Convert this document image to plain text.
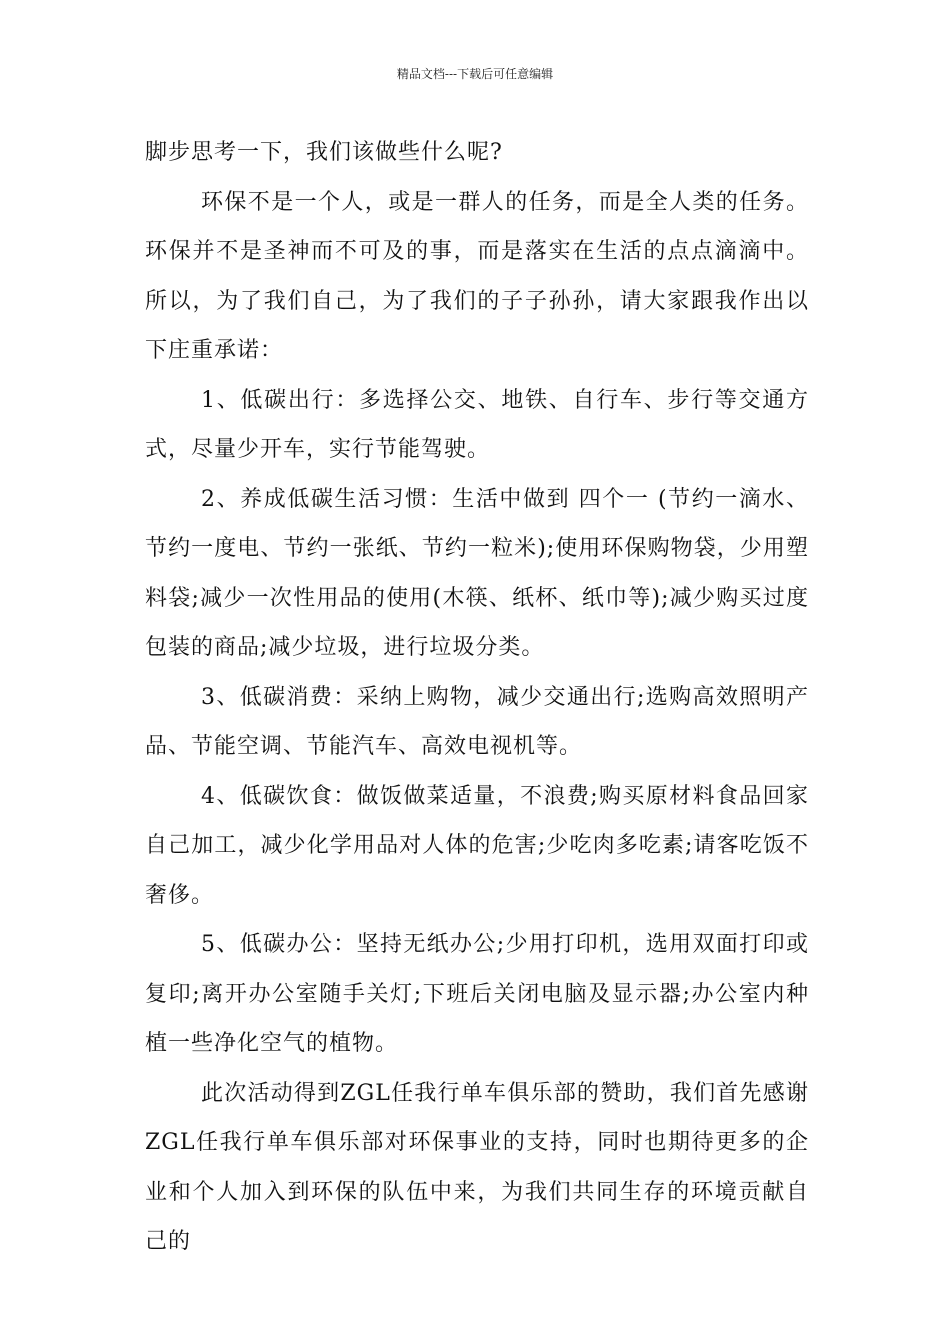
精品文档---下载后可任意编辑

脚步思考一下，我们该做些什么呢?

环保不是一个人，或是一群人的任务，而是全人类的任务。环保并不是圣神而不可及的事，而是落实在生活的点点滴滴中。 所以，为了我们自己，为了我们的子子孙孙，请大家跟我作出以下庄重承诺：

1、低碳出行：多选择公交、地铁、自行车、步行等交通方式，尽量少开车，实行节能驾驶。

2、养成低碳生活习惯：生活中做到 四个一 (节约一滴水、节约一度电、节约一张纸、节约一粒米);使用环保购物袋，少用塑料袋;减少一次性用品的使用(木筷、纸杯、纸巾等);减少购买过度包装的商品;减少垃圾，进行垃圾分类。

3、低碳消费：采纳上购物，减少交通出行;选购高效照明产品、节能空调、节能汽车、高效电视机等。

4、低碳饮食：做饭做菜适量，不浪费;购买原材料食品回家自己加工，减少化学用品对人体的危害;少吃肉多吃素;请客吃饭不奢侈。

5、低碳办公：坚持无纸办公;少用打印机，选用双面打印或复印;离开办公室随手关灯;下班后关闭电脑及显示器;办公室内种植一些净化空气的植物。

此次活动得到ZGL任我行单车俱乐部的赞助，我们首先感谢ZGL任我行单车俱乐部对环保事业的支持，同时也期待更多的企业和个人加入到环保的队伍中来，为我们共同生存的环境贡献自己的
